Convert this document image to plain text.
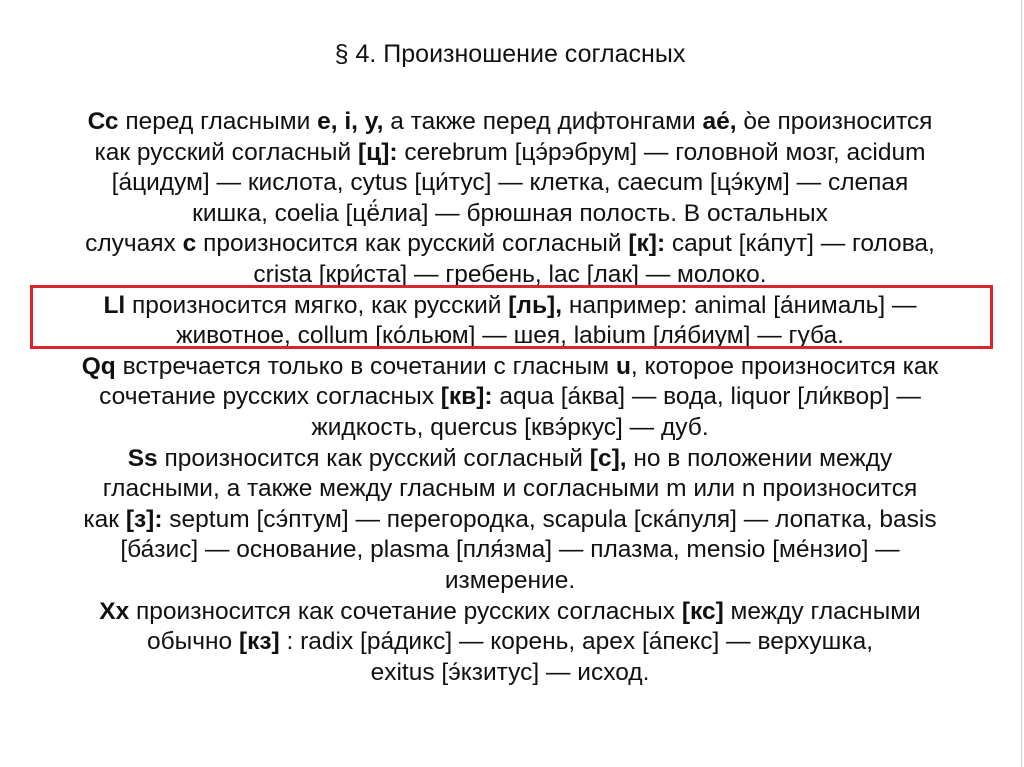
§ 4. Произношение согласных
Сс перед гласными е, i, у, а также перед дифтонгами ае́, о̀е произносится
как русский согласный [ц]: cerebrum [цэ́рэбрум] — головной мозг, acidum
[а́цидум] — кислота, cytus [ци́тус] — клетка, caecum [цэ́кум] — слепая
кишка, coelia [цё́лиа] — брюшная полость. В остальных
случаях с произносится как русский согласный [к]: caput [ка́пут] — голова,
crista [кри́ста] — гребень, lac [лак] — молоко.
Ll произносится мягко, как русский [ль], например: animal [а́нималь] —
животное, collum [ко́льюм] — шея, labium [ля́биум] — губа.
Qq встречается только в сочетании с гласным u, которое произносится как
сочетание русских согласных [кв]: aqua [а́ква] — вода, liquor [ли́квор] —
жидкость, quercus [квэ́ркус] — дуб.
Ss произносится как русский согласный [с], но в положении между
гласными, а также между гласным и согласными m или n произносится
как [з]: septum [сэ́птум] — перегородка, scapula [ска́пуля] — лопатка, basis
[ба́зис] — основание, plasma [пля́зма] — плазма, mensio [ме́нзио] —
измерение.
Хх произносится как сочетание русских согласных [кс] между гласными
обычно [кз] : radix [ра́дикс] — корень, apex [а́пекс] — верхушка,
exitus [э́кзитус] — исход.
